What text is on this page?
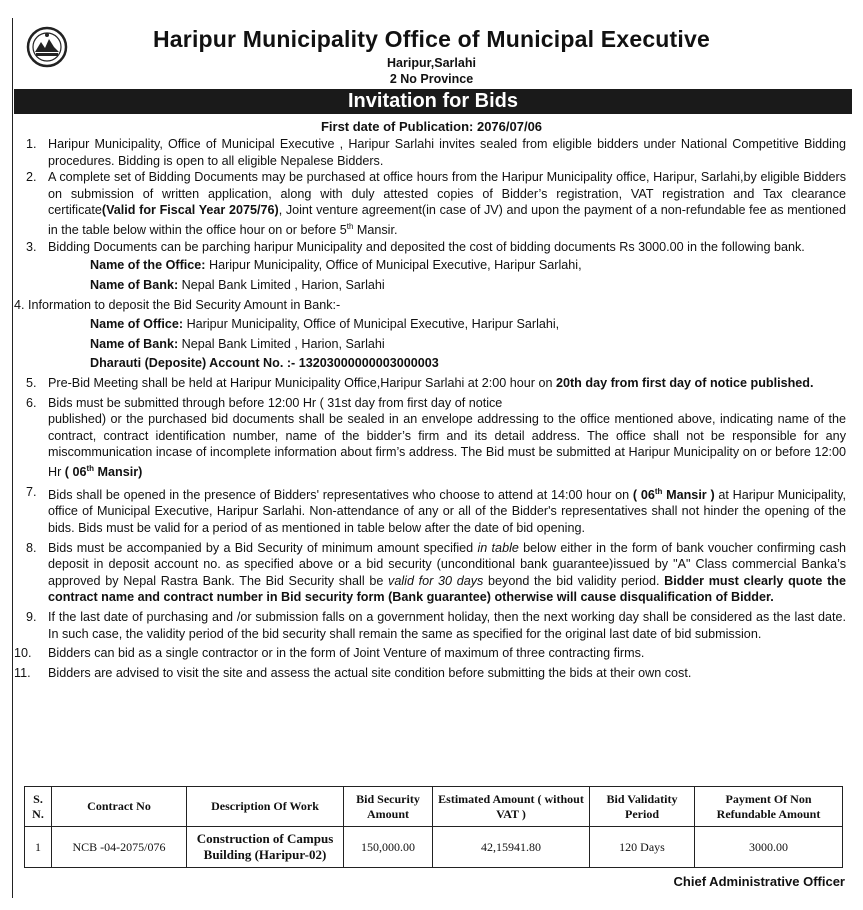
Haripur Municipality Office of Municipal Executive
Haripur,Sarlahi
2 No Province
Invitation for Bids
First date of Publication: 2076/07/06
1. Haripur Municipality, Office of Municipal Executive , Haripur Sarlahi invites sealed from eligible bidders under National Competitive Bidding procedures. Bidding is open to all eligible Nepalese Bidders.
2. A complete set of Bidding Documents may be purchased at office hours from the Haripur Municipality office, Haripur, Sarlahi,by eligible Bidders on submission of written application, along with duly attested copies of Bidder’s registration, VAT registration and Tax clearance certificate(Valid for Fiscal Year 2075/76), Joint venture agreement(in case of JV) and upon the payment of a non-refundable fee as mentioned in the table below within the office hour on or before 5th Mansir.
3. Bidding Documents can be parching haripur Municipality and deposited the cost of bidding documents Rs 3000.00 in the following bank.
Name of the Office: Haripur Municipality, Office of Municipal Executive, Haripur Sarlahi,
Name of Bank: Nepal Bank Limited , Harion, Sarlahi
4. Information to deposit the Bid Security Amount in Bank:-
Name of Office: Haripur Municipality, Office of Municipal Executive, Haripur Sarlahi,
Name of Bank: Nepal Bank Limited , Harion, Sarlahi
Dharauti (Deposite) Account No. :- 13203000000003000003
5. Pre-Bid Meeting shall be held at Haripur Municipality Office,Haripur Sarlahi at 2:00 hour on 20th day from first day of notice published.
6. Bids must be submitted through before 12:00 Hr ( 31st day from first day of notice
published) or the purchased bid documents shall be sealed in an envelope addressing to the office mentioned above, indicating name of the contract, contract identification number, name of the bidder’s firm and its detail address. The office shall not be responsible for any miscommunication incase of incomplete information about firm’s address. The Bid must be submitted at Haripur Municipality on or before 12:00 Hr ( 06th Mansir)
7. Bids shall be opened in the presence of Bidders' representatives who choose to attend at 14:00 hour on ( 06th Mansir ) at Haripur Municipality, office of Municipal Executive, Haripur Sarlahi. Non-attendance of any or all of the Bidder's representatives shall not hinder the opening of the bids. Bids must be valid for a period of as mentioned in table below after the date of bid opening.
8. Bids must be accompanied by a Bid Security of minimum amount specified in table below either in the form of bank voucher confirming cash deposit in deposit account no. as specified above or a bid security (unconditional bank guarantee)issued by "A" Class commercial Banka’s approved by Nepal Rastra Bank. The Bid Security shall be valid for 30 days beyond the bid validity period. Bidder must clearly quote the contract name and contract number in Bid security form (Bank guarantee) otherwise will cause disqualification of Bidder.
9. If the last date of purchasing and /or submission falls on a government holiday, then the next working day shall be considered as the last date. In such case, the validity period of the bid security shall remain the same as specified for the original last date of bid submission.
10. Bidders can bid as a single contractor or in the form of Joint Venture of maximum of three contracting firms.
11. Bidders are advised to visit the site and assess the actual site condition before submitting the bids at their own cost.
S. N.	Contract No	Description Of Work	Bid Security Amount	Estimated Amount ( without VAT )	Bid Validatity Period	Payment Of Non Refundable Amount
1	NCB -04-2075/076	Construction of Campus Building (Haripur-02)	150,000.00	42,15941.80	120 Days	3000.00
Chief Administrative Officer
